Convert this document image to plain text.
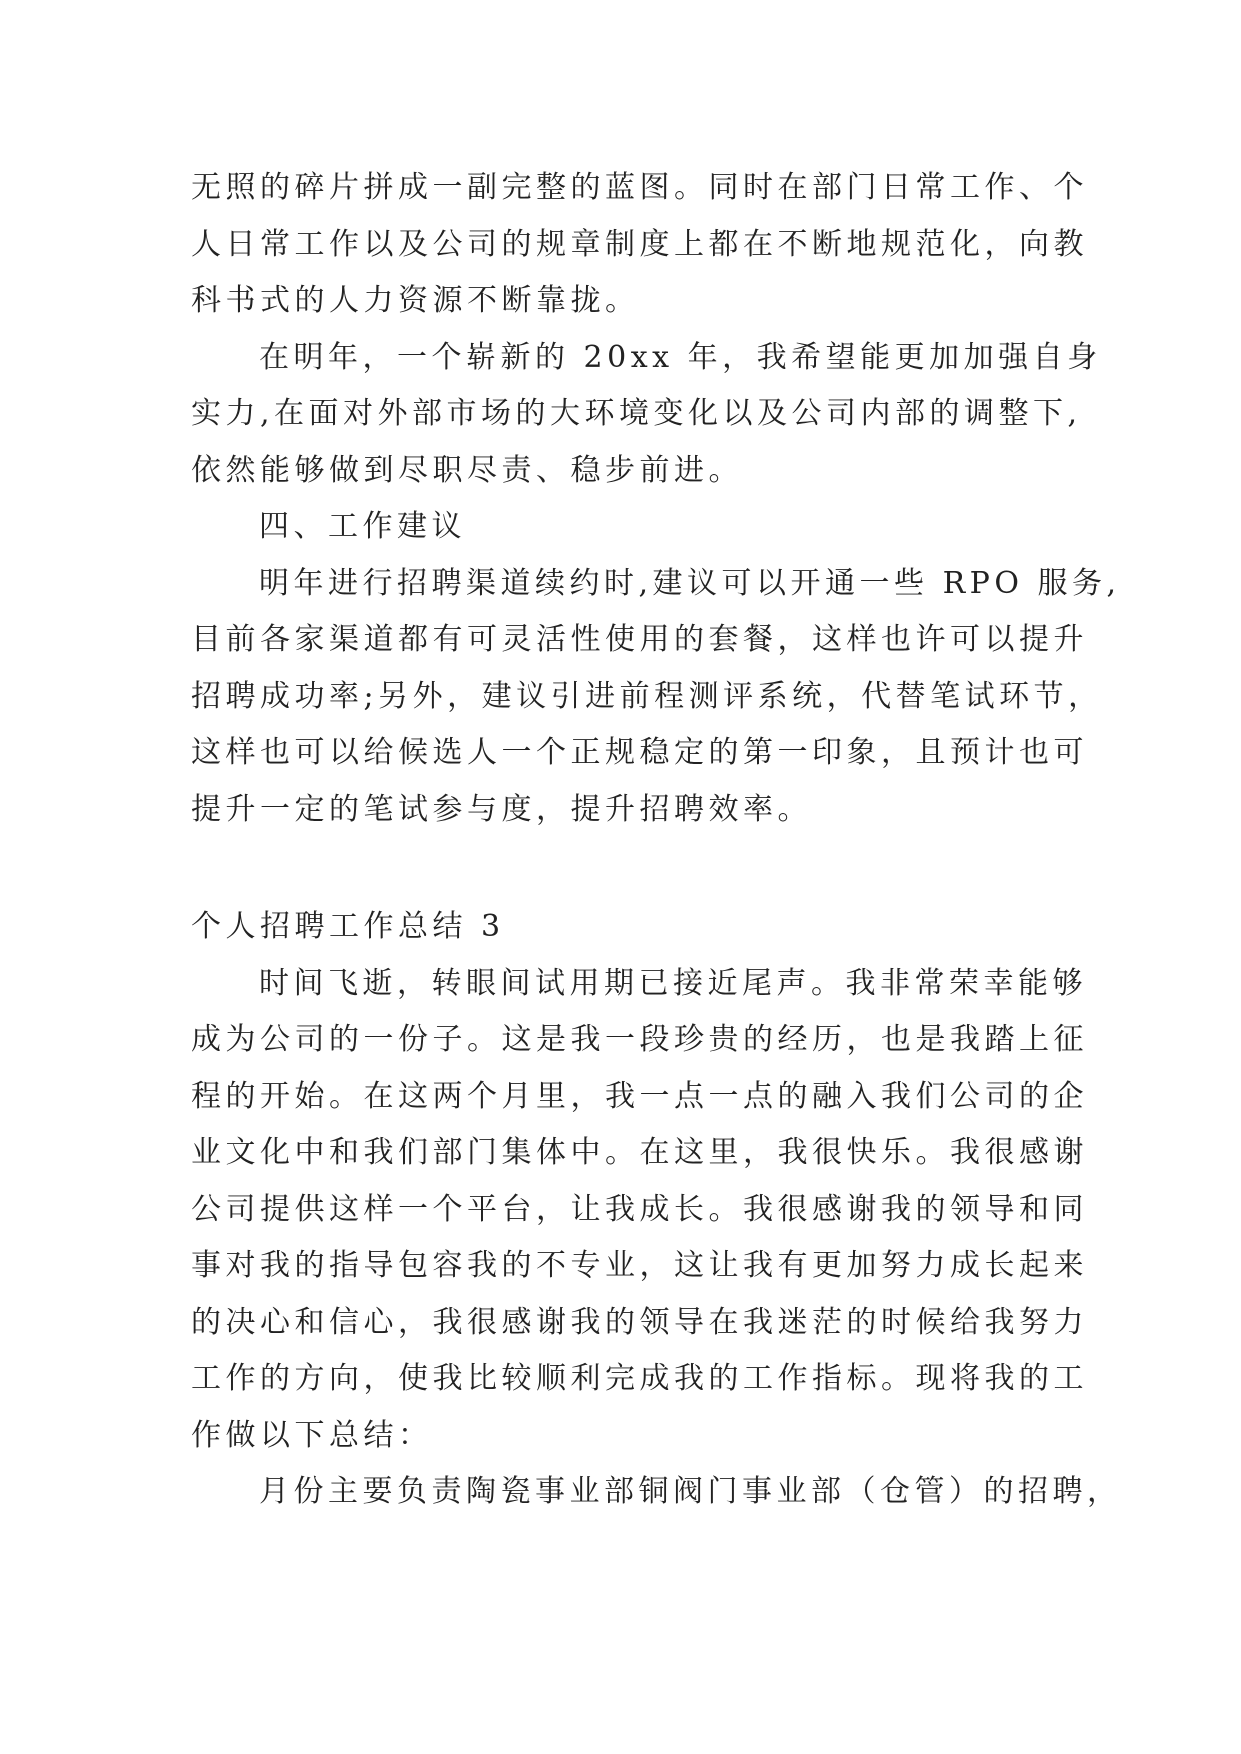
无照的碎片拼成一副完整的蓝图。同时在部门日常工作、个
人日常工作以及公司的规章制度上都在不断地规范化，向教
科书式的人力资源不断靠拢。

在明年，一个崭新的 20xx 年，我希望能更加加强自身
实力,在面对外部市场的大环境变化以及公司内部的调整下,
依然能够做到尽职尽责、稳步前进。

四、工作建议

明年进行招聘渠道续约时,建议可以开通一些 RPO 服务,
目前各家渠道都有可灵活性使用的套餐，这样也许可以提升
招聘成功率;另外，建议引进前程测评系统，代替笔试环节，
这样也可以给候选人一个正规稳定的第一印象，且预计也可
提升一定的笔试参与度，提升招聘效率。

个人招聘工作总结 3

时间飞逝，转眼间试用期已接近尾声。我非常荣幸能够
成为公司的一份子。这是我一段珍贵的经历，也是我踏上征
程的开始。在这两个月里，我一点一点的融入我们公司的企
业文化中和我们部门集体中。在这里，我很快乐。我很感谢
公司提供这样一个平台，让我成长。我很感谢我的领导和同
事对我的指导包容我的不专业，这让我有更加努力成长起来
的决心和信心，我很感谢我的领导在我迷茫的时候给我努力
工作的方向，使我比较顺利完成我的工作指标。现将我的工
作做以下总结：

月份主要负责陶瓷事业部铜阀门事业部（仓管）的招聘，
